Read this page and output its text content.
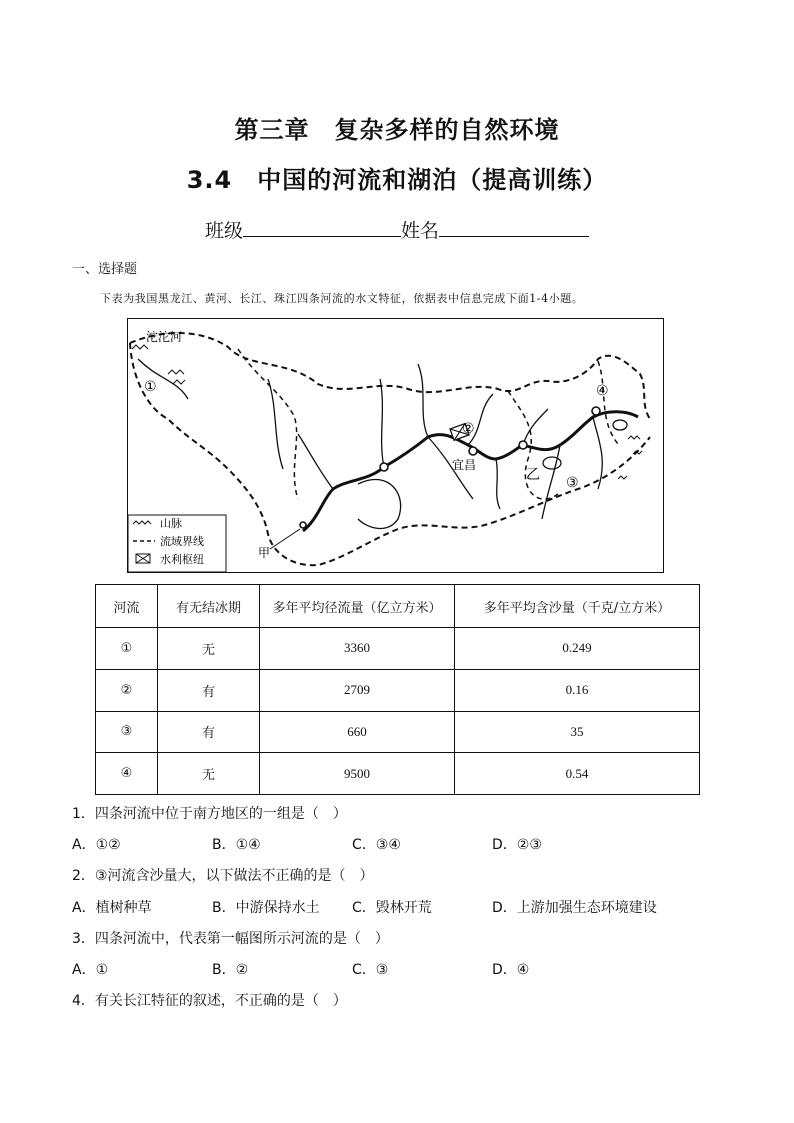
第三章　复杂多样的自然环境
3.4　中国的河流和湖泊（提高训练）
班级	姓名
一、选择题
下表为我国黑龙江、黄河、长江、珠江四条河流的水文特征，依据表中信息完成下面1-4小题。
山脉
流域界线
水利枢纽
沱沱河
①
②
宜昌
乙 ③
④
甲
河流	有无结冰期	多年平均径流量（亿立方米）	多年平均含沙量（千克/立方米）
①	无	3360	0.249
②	有	2709	0.16
③	有	660	35
④	无	9500	0.54
1．四条河流中位于南方地区的一组是（　）
A．①②	B．①④	C．③④	D．②③
2．③河流含沙量大，以下做法不正确的是（　）
A．植树种草	B．中游保持水土 C．毁林开荒	D．上游加强生态环境建设
3．四条河流中，代表第一幅图所示河流的是（　）
A．①	B．②	C．③	D．④
4．有关长江特征的叙述，不正确的是（　）
